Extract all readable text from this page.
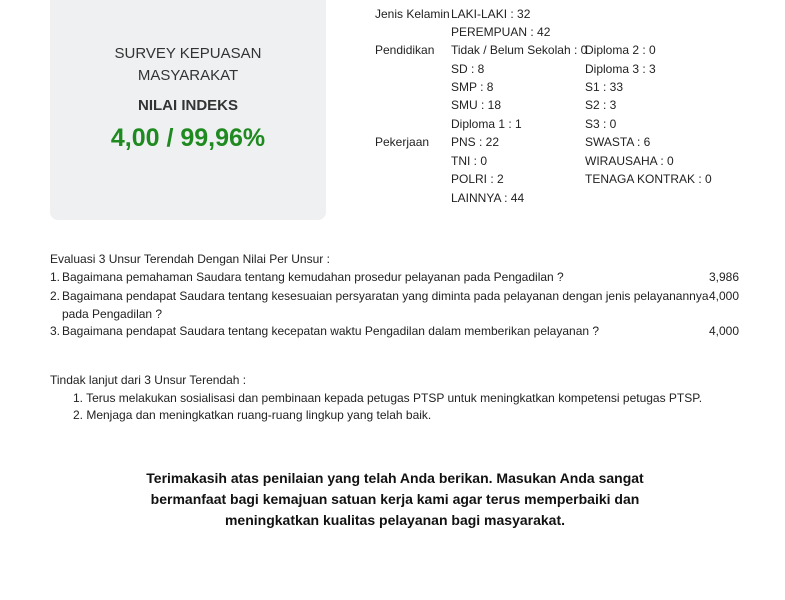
SURVEY KEPUASAN
MASYARAKAT
NILAI INDEKS
4,00 / 99,96%
Jenis Kelamin LAKI-LAKI : 32
PEREMPUAN : 42
Pendidikan Tidak / Belum Sekolah : 0
SD : 8
SMP : 8
SMU : 18
Diploma 1 : 1
Diploma 2 : 0
Diploma 3 : 3
S1 : 33
S2 : 3
S3 : 0
Pekerjaan PNS : 22
TNI : 0
POLRI : 2
LAINNYA : 44
SWASTA : 6
WIRAUSAHA : 0
TENAGA KONTRAK : 0
Evaluasi 3 Unsur Terendah Dengan Nilai Per Unsur :
1. Bagaimana pemahaman Saudara tentang kemudahan prosedur pelayanan pada Pengadilan ?	3,986
2. Bagaimana pendapat Saudara tentang kesesuaian persyaratan yang diminta pada pelayanan dengan jenis pelayanannya
pada Pengadilan ?
4,000
3. Bagaimana pendapat Saudara tentang kecepatan waktu Pengadilan dalam memberikan pelayanan ?	4,000
Tindak lanjut dari 3 Unsur Terendah :
1. Terus melakukan sosialisasi dan pembinaan kepada petugas PTSP untuk meningkatkan kompetensi petugas PTSP.
2. Menjaga dan meningkatkan ruang-ruang lingkup yang telah baik.
Terimakasih atas penilaian yang telah Anda berikan. Masukan Anda sangat
bermanfaat bagi kemajuan satuan kerja kami agar terus memperbaiki dan
meningkatkan kualitas pelayanan bagi masyarakat.
